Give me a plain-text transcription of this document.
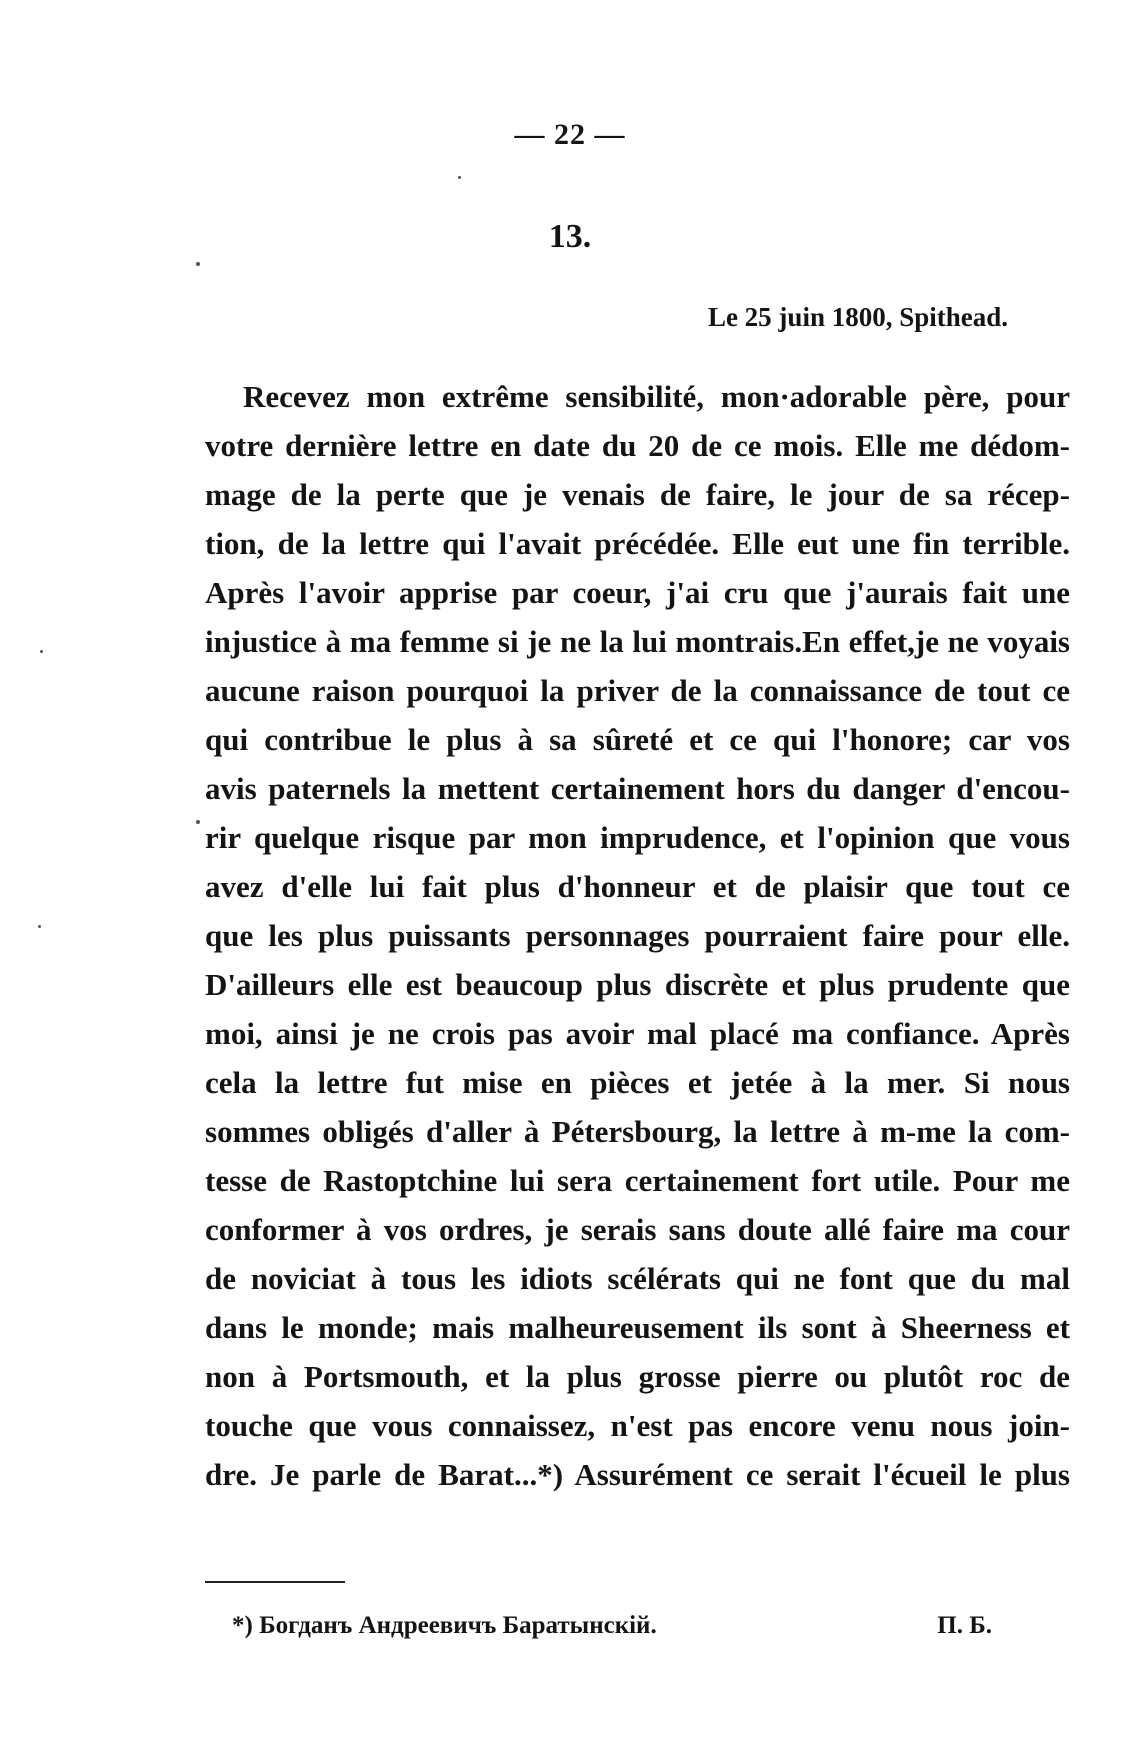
— 22 —
13.
Le 25 juin 1800, Spithead.
Recevez mon extrême sensibilité, mon·adorable père, pour
votre dernière lettre en date du 20 de ce mois. Elle me dédom-
mage de la perte que je venais de faire, le jour de sa récep-
tion, de la lettre qui l'avait précédée. Elle eut une fin terrible.
Après l'avoir apprise par coeur, j'ai cru que j'aurais fait une
injustice à ma femme si je ne la lui montrais.En effet,je ne voyais
aucune raison pourquoi la priver de la connaissance de tout ce
qui contribue le plus à sa sûreté et ce qui l'honore; car vos
avis paternels la mettent certainement hors du danger d'encou-
rir quelque risque par mon imprudence, et l'opinion que vous
avez d'elle lui fait plus d'honneur et de plaisir que tout ce
que les plus puissants personnages pourraient faire pour elle.
D'ailleurs elle est beaucoup plus discrète et plus prudente que
moi, ainsi je ne crois pas avoir mal placé ma confiance. Après
cela la lettre fut mise en pièces et jetée à la mer. Si nous
sommes obligés d'aller à Pétersbourg, la lettre à m-me la com-
tesse de Rastoptchine lui sera certainement fort utile. Pour me
conformer à vos ordres, je serais sans doute allé faire ma cour
de noviciat à tous les idiots scélérats qui ne font que du mal
dans le monde; mais malheureusement ils sont à Sheerness et
non à Portsmouth, et la plus grosse pierre ou plutôt roc de
touche que vous connaissez, n'est pas encore venu nous join-
dre. Je parle de Barat...*) Assurément ce serait l'écueil le plus
*) Богданъ Андреевичъ Баратынскій.	П. Б.
